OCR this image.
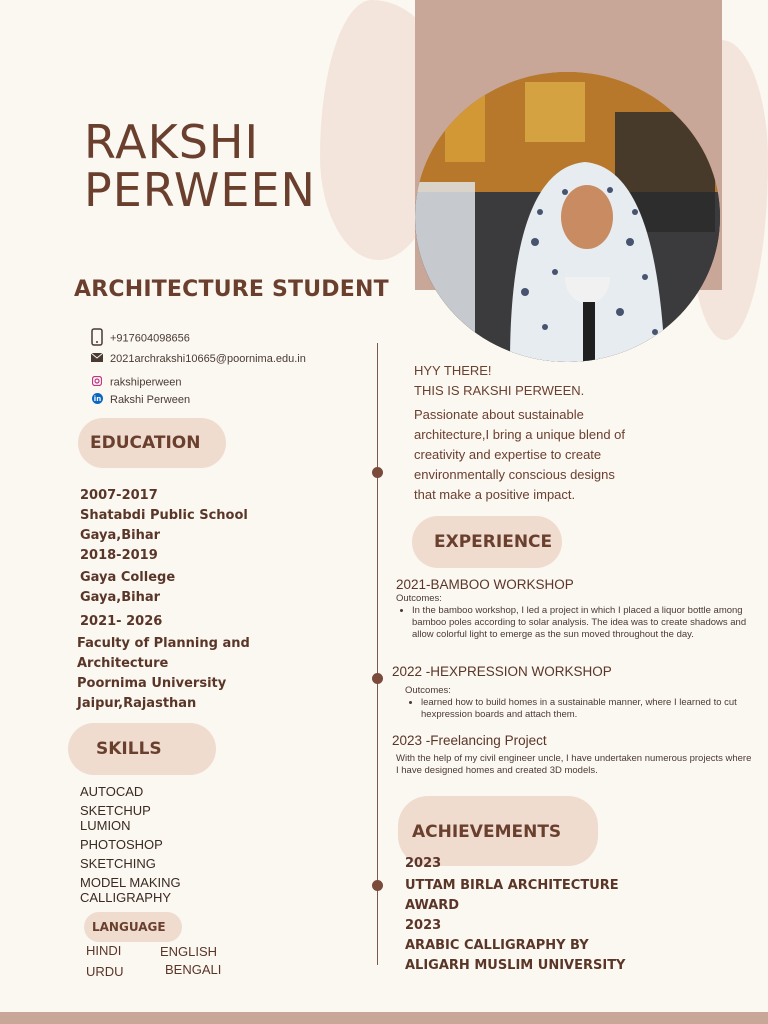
RAKSHI
PERWEEN
ARCHITECTURE STUDENT
+917604098656
2021archrakshi10665@poornima.edu.in
rakshiperween
in Rakshi Perween
EDUCATION
2007-2017
Shatabdi Public School
Gaya,Bihar
2018-2019
Gaya College
Gaya,Bihar
2021- 2026
Faculty of Planning and
Architecture
Poornima University
Jaipur,Rajasthan
SKILLS
AUTOCAD
SKETCHUP
LUMION
PHOTOSHOP
SKETCHING
MODEL MAKING
CALLIGRAPHY
LANGUAGE
HINDI	ENGLISH
URDU	BENGALI
HYY THERE!
THIS IS RAKSHI PERWEEN.
Passionate about sustainable
architecture,I bring a unique blend of
creativity and expertise to create
environmentally conscious designs
that make a positive impact.
EXPERIENCE
2021-BAMBOO WORKSHOP
Outcomes:
• In the bamboo workshop, I led a project in which I placed a liquor bottle among bamboo poles according to solar analysis. The idea was to create shadows and allow colorful light to emerge as the sun moved throughout the day.
2022 -HEXPRESSION WORKSHOP
Outcomes:
• learned how to build homes in a sustainable manner, where I learned to cut hexpression boards and attach them.
2023 -Freelancing Project
With the help of my civil engineer uncle, I have undertaken numerous projects where I have designed homes and created 3D models.
ACHIEVEMENTS
2023
UTTAM BIRLA ARCHITECTURE
AWARD
2023
ARABIC CALLIGRAPHY BY
ALIGARH MUSLIM UNIVERSITY
